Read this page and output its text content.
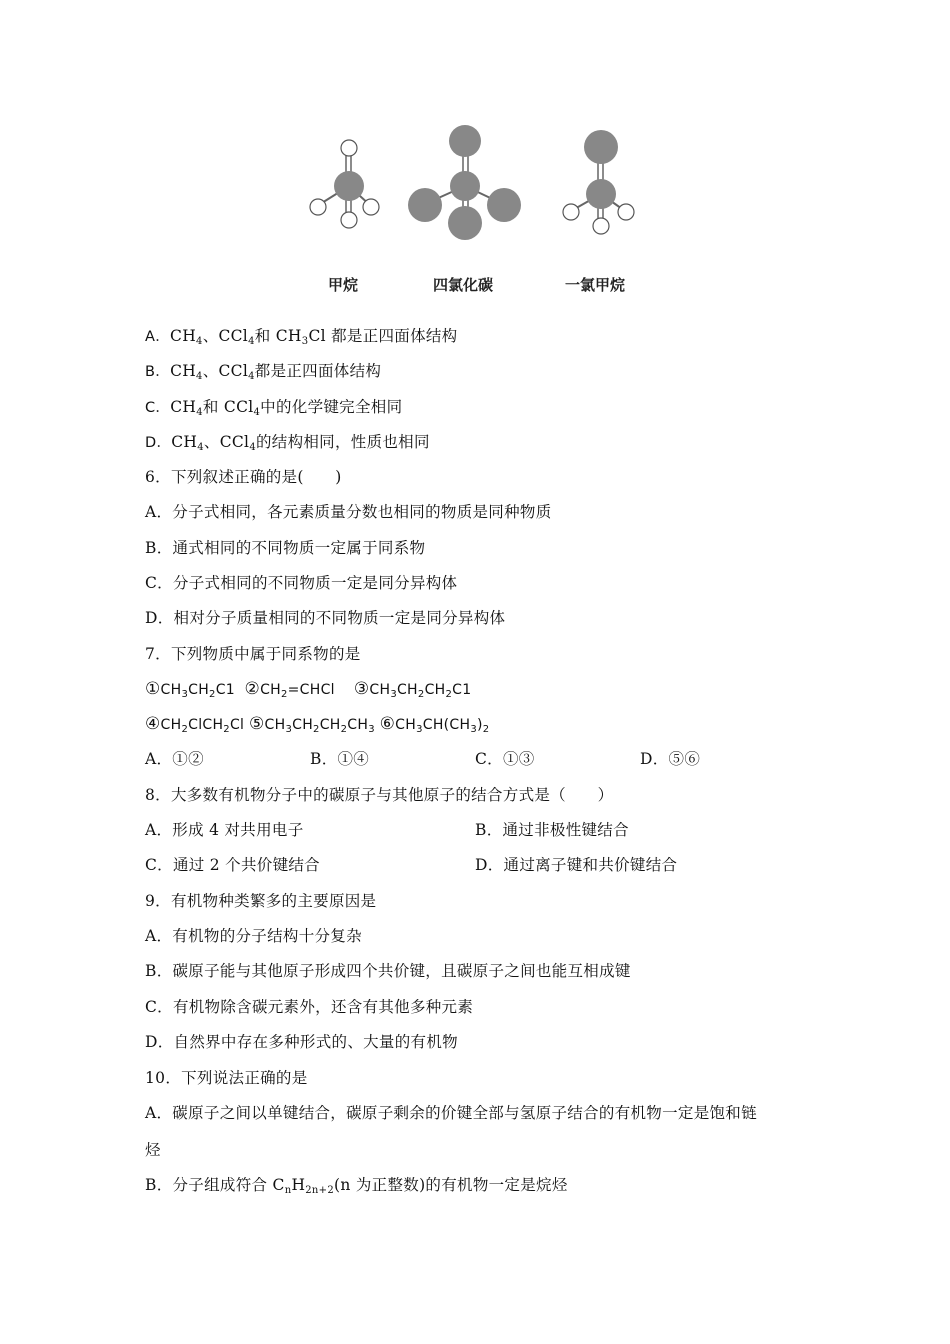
甲烷	四氯化碳	一氯甲烷
A．$CH_4$、CCl$_4$和 $CH_3Cl$ 都是正四面体结构
B．$CH_4$、CCl$_4$都是正四面体结构
C．$CH_4$和 CCl$_4$中的化学键完全相同
D．$CH_4$、CCl$_4$的结构相同，性质也相同
6．下列叙述正确的是(　　)
A．分子式相同，各元素质量分数也相同的物质是同种物质
B．通式相同的不同物质一定属于同系物
C．分子式相同的不同物质一定是同分异构体
D．相对分子质量相同的不同物质一定是同分异构体
7．下列物质中属于同系物的是
$①CH_3CH_2C1$ $②CH_2=CHCl$ $③CH_3CH_2CH_2C1$
$④CH_2ClCH_2Cl$ $⑤CH_3CH_2CH_2CH_3$ $⑥CH_3CH(CH_3)_2$
A．①②	B．①④	C．①③	D．⑤⑥
8．大多数有机物分子中的碳原子与其他原子的结合方式是（　　）
A．形成 4 对共用电子	B．通过非极性键结合
C．通过 2 个共价键结合	D．通过离子键和共价键结合
9．有机物种类繁多的主要原因是
A．有机物的分子结构十分复杂
B．碳原子能与其他原子形成四个共价键，且碳原子之间也能互相成键
C．有机物除含碳元素外，还含有其他多种元素
D．自然界中存在多种形式的、大量的有机物
10．下列说法正确的是
A．碳原子之间以单键结合，碳原子剩余的价键全部与氢原子结合的有机物一定是饱和链
烃
B．分子组成符合 $C_nH_{2n+2}(n$ 为正整数)的有机物一定是烷烃
